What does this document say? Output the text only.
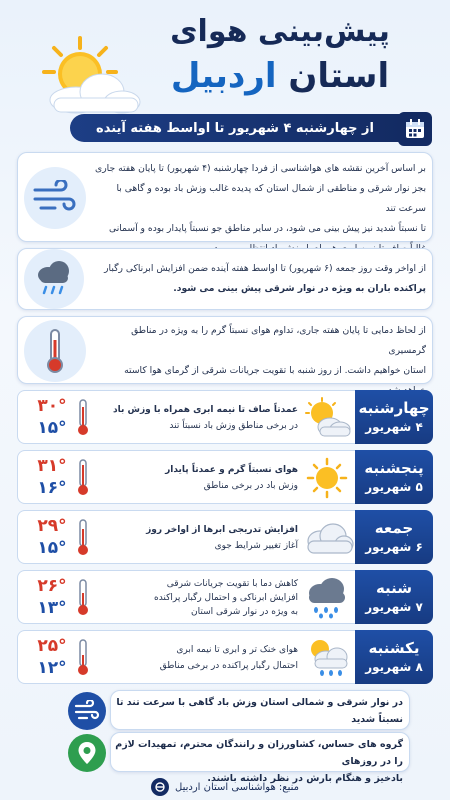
پیش‌بینی هوای
استان اردبیل
از چهارشنبه ۴ شهریور تا اواسط هفته آینده
بر اساس آخرین نقشه های هواشناسی از فردا چهارشنبه (۴ شهریور) تا پایان هفته جاری
بجز نوار شرقی و مناطقی از شمال استان که پدیده غالب وزش باد بوده و گاهی با سرعت تند
تا نسبتاً شدید نیز پیش بینی می شود، در سایر مناطق جو نسبتاً پایدار بوده و آسمانی
از اواخر وقت روز جمعه (۶ شهریور) تا اواسط هفته آینده ضمن افزایش ابرناکی رگبار
پراکنده باران به ویژه در نوار شرقی پیش بینی می شود.
از لحاظ دمایی تا پایان هفته جاری، تداوم هوای نسبتاً گرم را به ویژه در مناطق گرمسیری
استان خواهیم داشت. از روز شنبه با تقویت جریانات شرقی از گرمای هوا کاسته
۳۰°
۱۵°
عمدتاً صاف تا نیمه ابری همراه با وزش باد
در برخی مناطق وزش باد نسبتاً تند
چهارشنبه
۴ شهریور
۳۱°
۱۶°
هوای نسبتاً گرم و عمدتاً پایدار
وزش باد در برخی مناطق
پنجشنبه
۵ شهریور
۲۹°
۱۵°
افزایش تدریجی ابرها از اواخر روز
آغاز تغییر شرایط جوی
جمعه
۶ شهریور
۲۶°
۱۳°
کاهش دما با تقویت جریانات شرقی
افزایش ابرناکی و احتمال رگبار پراکنده
به ویژه در نوار شرقی استان
شنبه
۷ شهریور
۲۵°
۱۲°
هوای خنک تر و ابری تا نیمه ابری
احتمال رگبار پراکنده در برخی مناطق
یکشنبه
۸ شهریور
در نوار شرقی و شمالی استان وزش باد گاهی با سرعت تند تا نسبتاً شدید
گروه های حساس، کشاورزان و رانندگان محترم، تمهیدات لازم را در روزهای
بادخیز و هنگام بارش در نظر داشته باشند.
منبع: هواشناسی استان اردبیل
